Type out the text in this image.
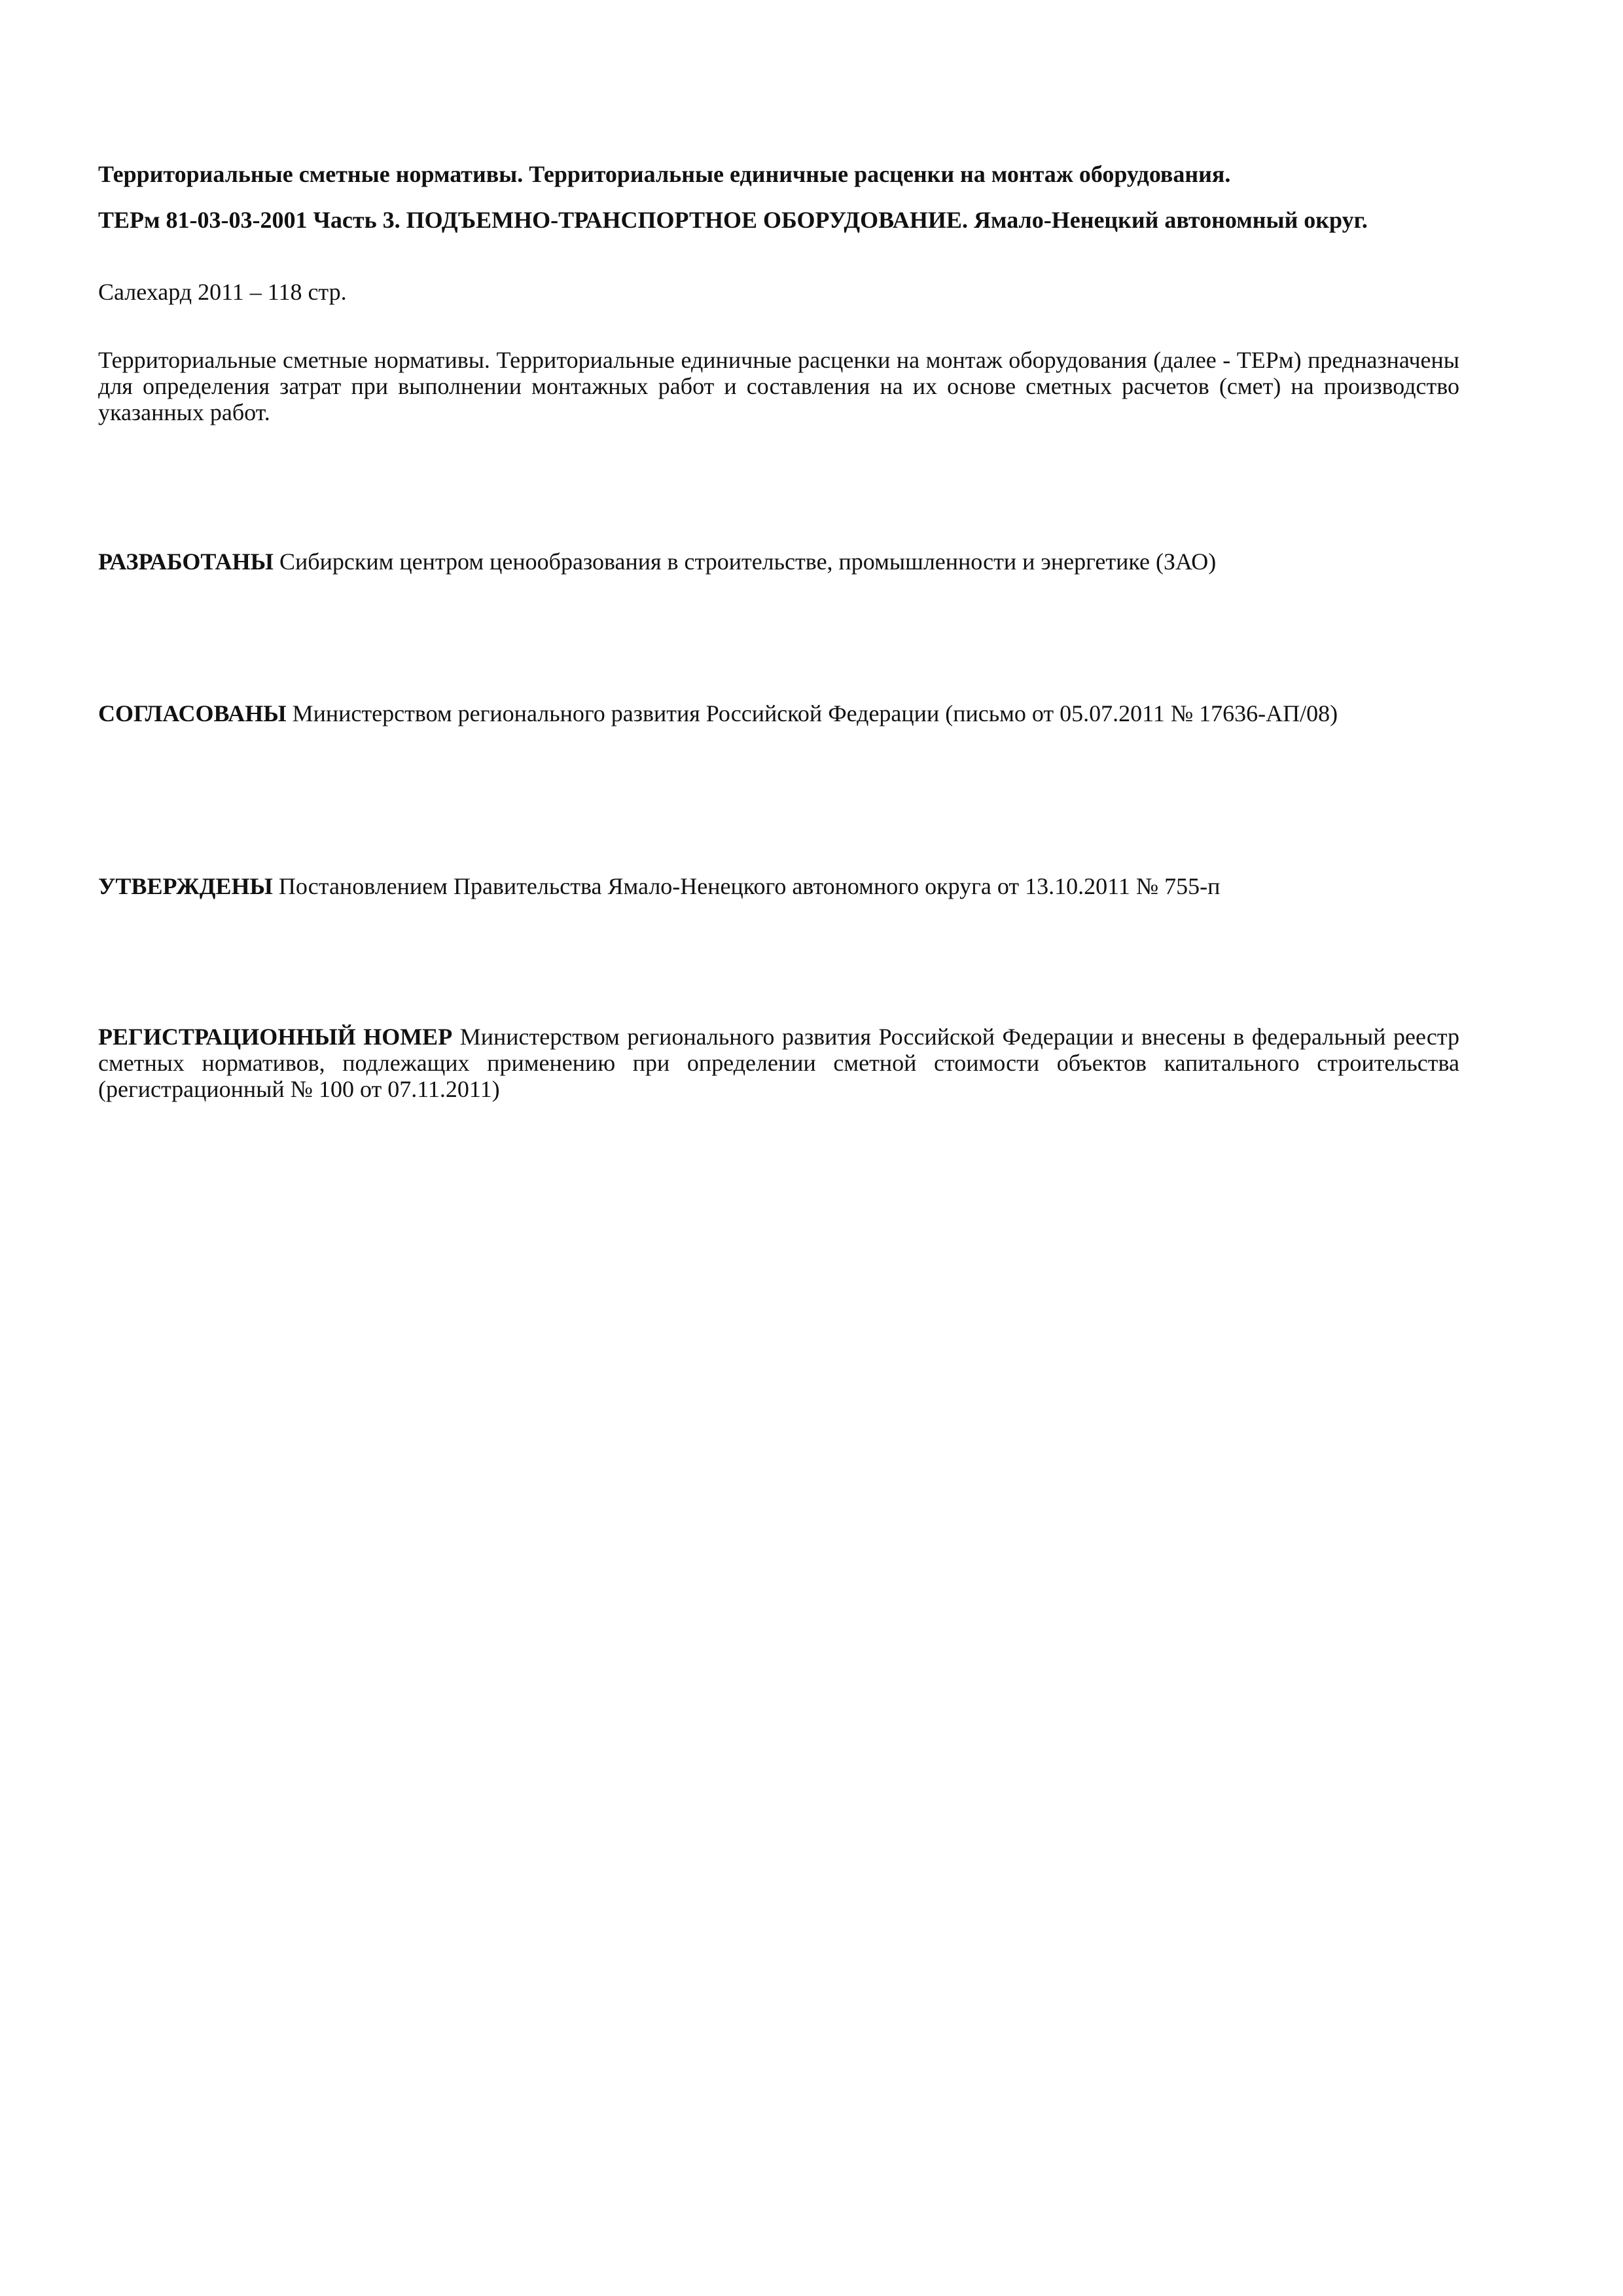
Территориальные сметные нормативы. Территориальные единичные расценки на монтаж оборудования.

ТЕРм 81-03-03-2001 Часть 3. ПОДЪЕМНО-ТРАНСПОРТНОЕ ОБОРУДОВАНИЕ. Ямало-Ненецкий автономный округ.

Салехард 2011 – 118 стр.

Территориальные сметные нормативы. Территориальные единичные расценки на монтаж оборудования (далее - ТЕРм) предназначены для определения затрат при выполнении монтажных работ и составления на их основе сметных расчетов (смет) на производство указанных работ.

РАЗРАБОТАНЫ Сибирским центром ценообразования в строительстве, промышленности и энергетике (ЗАО)

СОГЛАСОВАНЫ Министерством регионального развития Российской Федерации (письмо от 05.07.2011 № 17636-АП/08)

УТВЕРЖДЕНЫ Постановлением Правительства Ямало-Ненецкого автономного округа от 13.10.2011 № 755-п

РЕГИСТРАЦИОННЫЙ НОМЕР Министерством регионального развития Российской Федерации и внесены в федеральный реестр сметных нормативов, подлежащих применению при определении сметной стоимости объектов капитального строительства (регистрационный № 100 от 07.11.2011)
